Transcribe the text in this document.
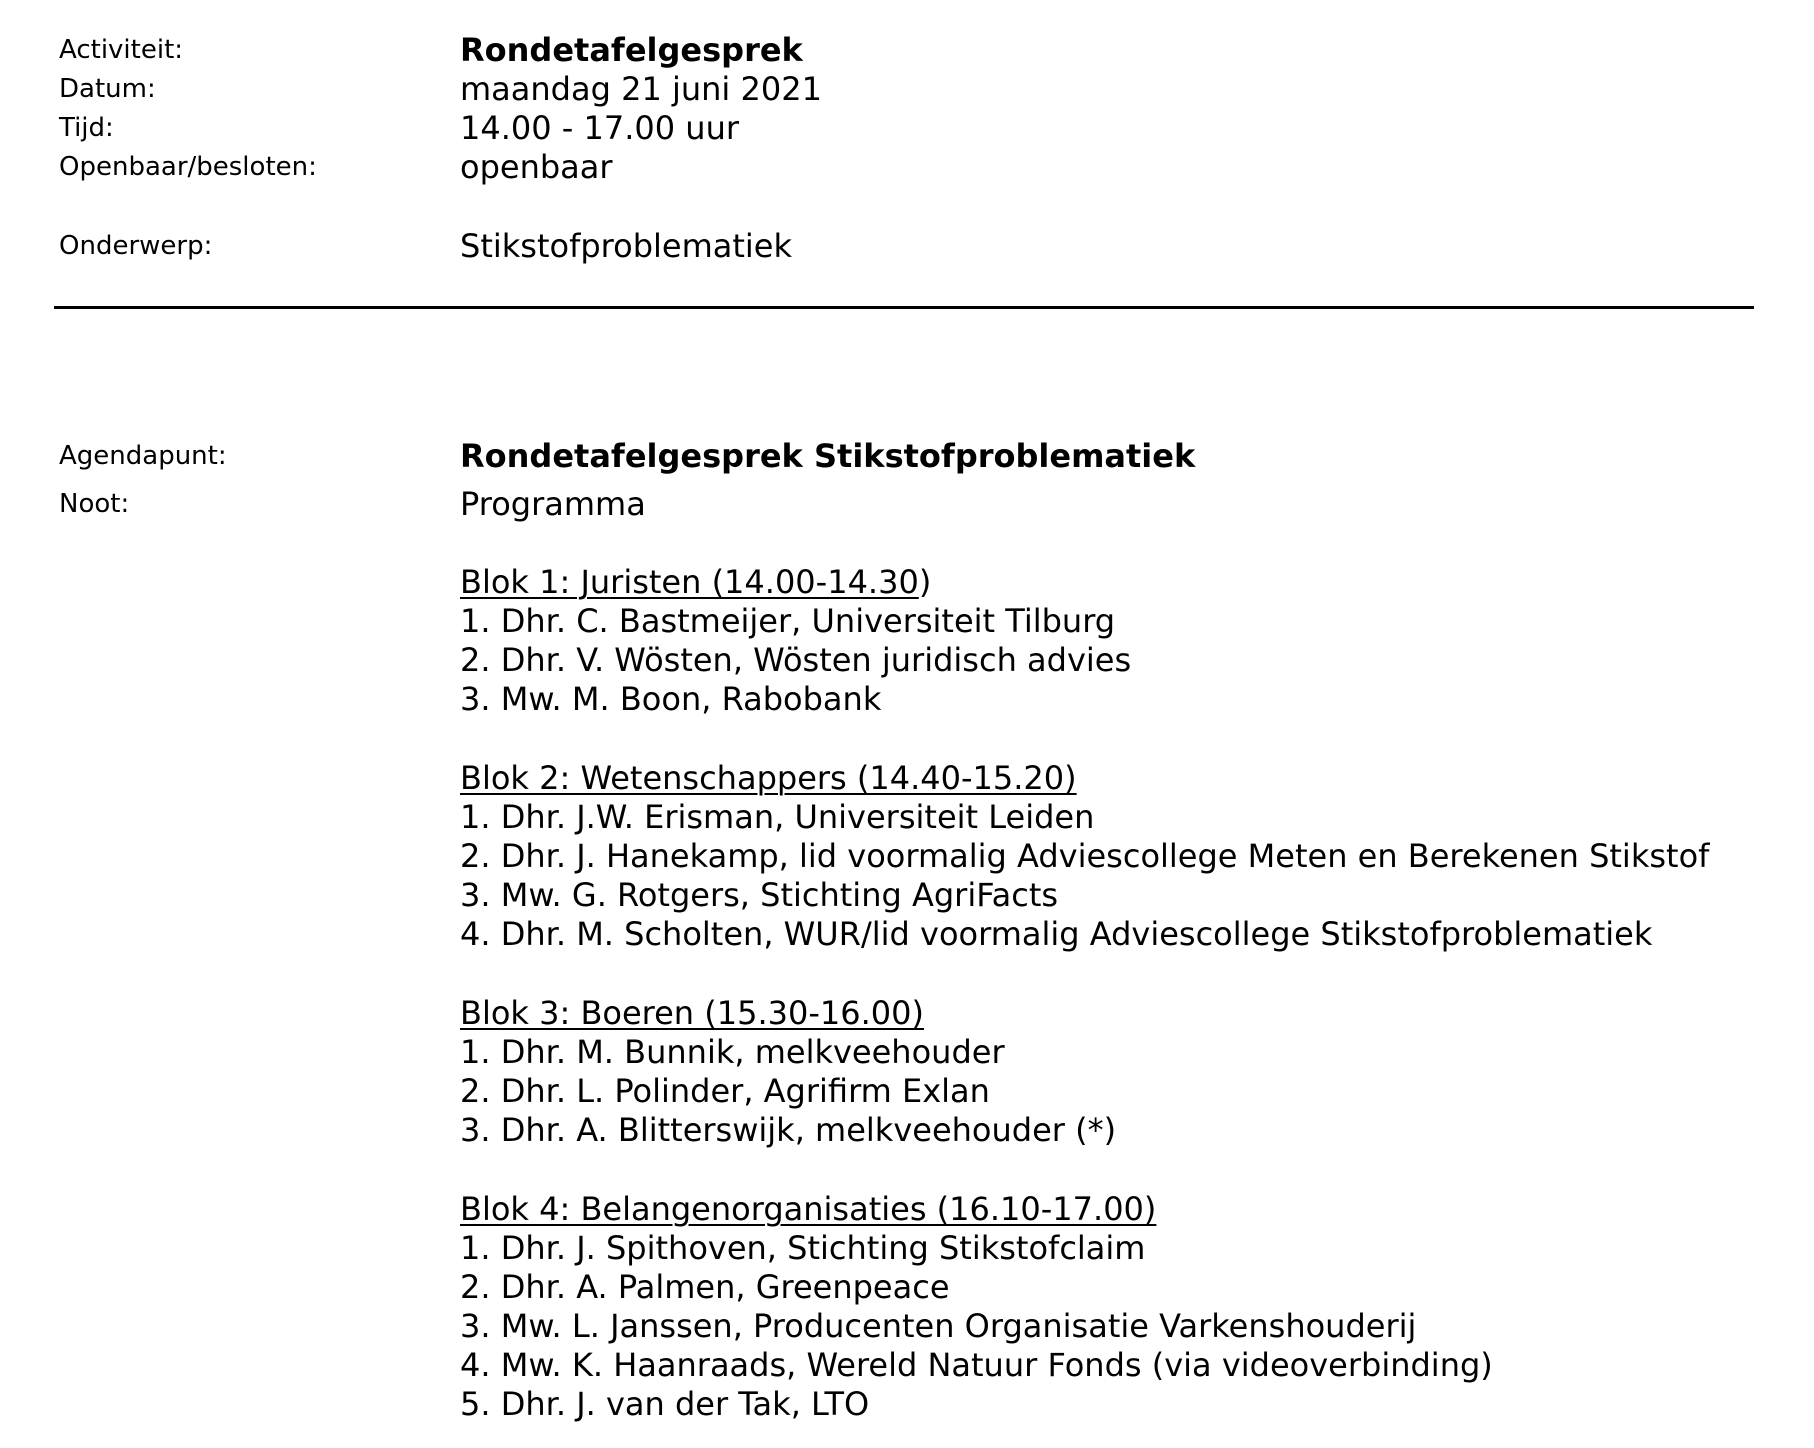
Activiteit:	Rondetafelgesprek
Datum:	maandag 21 juni 2021
Tijd:	14.00 - 17.00 uur
Openbaar/besloten:	openbaar
Onderwerp:	Stikstofproblematiek
Agendapunt:	Rondetafelgesprek Stikstofproblematiek
Noot:	Programma
Blok 1: Juristen (14.00-14.30)
1. Dhr. C. Bastmeijer, Universiteit Tilburg
2. Dhr. V. Wösten, Wösten juridisch advies
3. Mw. M. Boon, Rabobank
Blok 2: Wetenschappers (14.40-15.20)
1. Dhr. J.W. Erisman, Universiteit Leiden
2. Dhr. J. Hanekamp, lid voormalig Adviescollege Meten en Berekenen Stikstof
3. Mw. G. Rotgers, Stichting AgriFacts
4. Dhr. M. Scholten, WUR/lid voormalig Adviescollege Stikstofproblematiek
Blok 3: Boeren (15.30-16.00)
1. Dhr. M. Bunnik, melkveehouder
2. Dhr. L. Polinder, Agrifirm Exlan
3. Dhr. A. Blitterswijk, melkveehouder (*)
Blok 4: Belangenorganisaties (16.10-17.00)
1. Dhr. J. Spithoven, Stichting Stikstofclaim
2. Dhr. A. Palmen, Greenpeace
3. Mw. L. Janssen, Producenten Organisatie Varkenshouderij
4. Mw. K. Haanraads, Wereld Natuur Fonds (via videoverbinding)
5. Dhr. J. van der Tak, LTO
